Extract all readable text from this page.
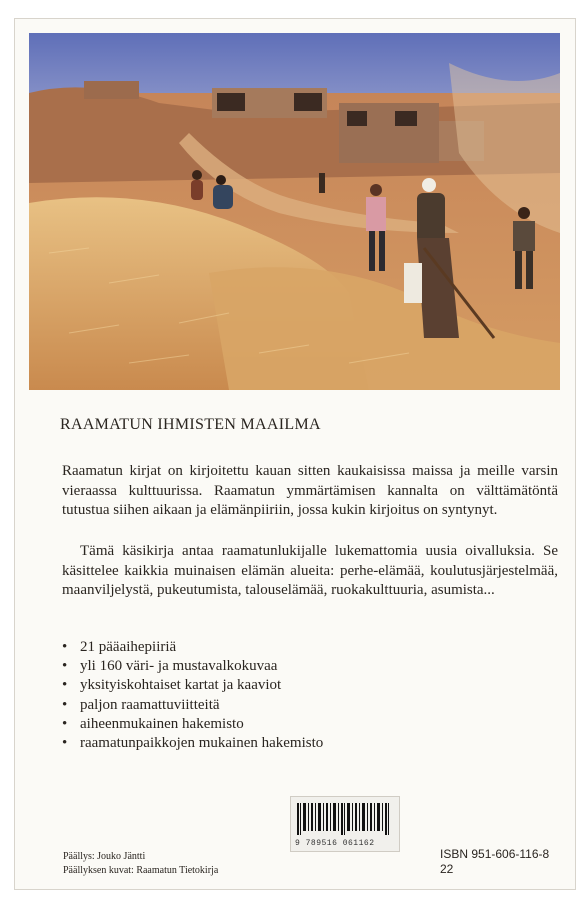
RAAMATUN IHMISTEN MAAILMA

Raamatun kirjat on kirjoitettu kauan sitten kaukaisissa maissa ja meille varsin vieraassa kulttuurissa. Raamatun ymmärtämisen kannalta on välttämätöntä tutustua siihen aikaan ja elämänpiiriin, jossa kukin kirjoitus on syntynyt.

Tämä käsikirja antaa raamatunlukijalle lukemattomia uusia oivalluksia. Se käsittelee kaikkia muinaisen elämän alueita: perhe-elämää, koulutusjärjestelmää, maanviljelystä, pukeutumista, talouselämää, ruokakulttuuria, asumista...

• 21 pääaihepiiriä
• yli 160 väri- ja mustavalkokuvaa
• yksityiskohtaiset kartat ja kaaviot
• paljon raamattuviitteitä
• aiheenmukainen hakemisto
• raamatunpaikkojen mukainen hakemisto
9 789516 061162
Päällys: Jouko Jäntti
Päällyksen kuvat: Raamatun Tietokirja
ISBN 951-606-116-8
22
